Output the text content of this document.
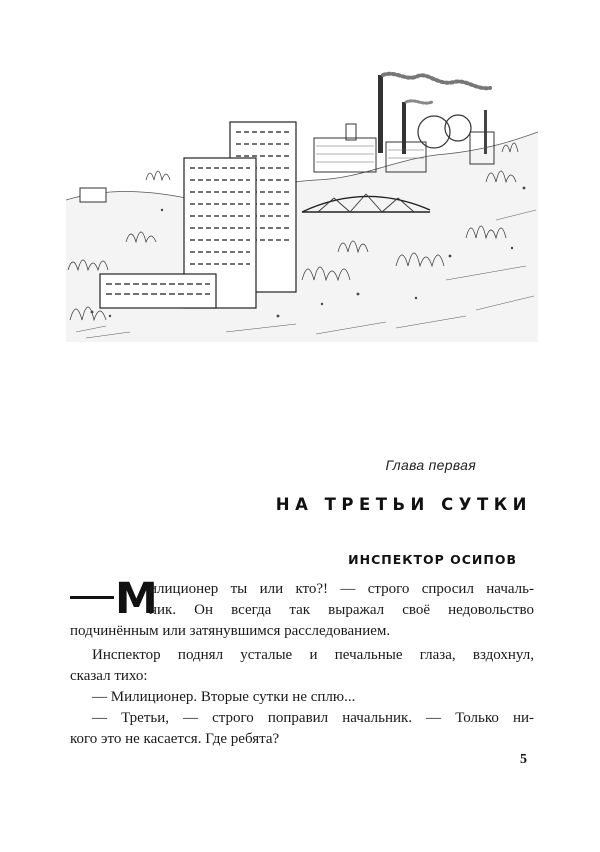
Глава первая
НА ТРЕТЬИ СУТКИ
ИНСПЕКТОР ОСИПОВ
М
илиционер ты или кто?! — строго спросил началь-
ник. Он всегда так выражал своё недовольство
подчинённым или затянувшимся расследованием.
Инспектор поднял усталые и печальные глаза, вздохнул,
сказал тихо:
— Милиционер. Вторые сутки не сплю...
— Третьи, — строго поправил начальник. — Только ни-
кого это не касается. Где ребята?
5
